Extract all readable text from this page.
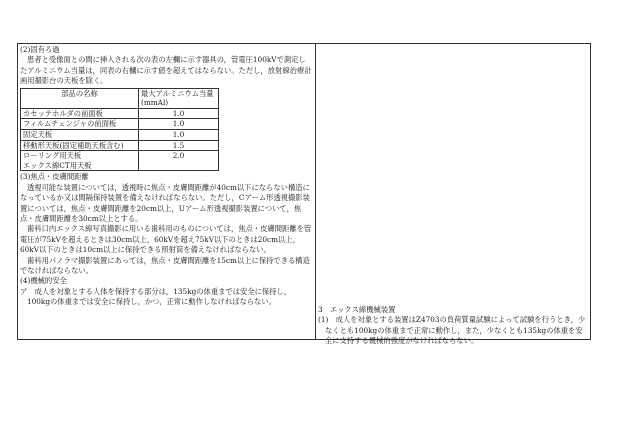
(2)固有ろ過

患者と受像面との間に挿入される次の表の左欄に示す器具の，管電圧100kVで測定したアルミニウム当量は，同表の右欄に示す値を超えてはならない。ただし，放射線治療計画用撮影台の天板を除く。

部品の名称	最大アルミニウム当量(mmAl)
カセッテホルダの前面板	1.0
フィルムチェンジャの前面板	1.0
固定天板	1.0
移動形天板(固定補助天板含む)	1.5
ローリング用天板
エックス線CT用天板	2.0

(3)焦点・皮膚間距離

透視可能な装置については，透視時に焦点・皮膚間距離が40cm以下にならない構造になっているか又は間隔保持装置を備えなければならない。ただし，Cアーム形透視撮影装置については，焦点・皮膚間距離を20cm以上，Uアーム形透視撮影装置について，焦点・皮膚間距離を30cm以上とする。

歯科口内エックス線写真撮影に用いる歯科用のものについては，焦点・皮膚間距離を管電圧が75kVを超えるときは30cm以上，60kVを超え75kV以下のときは20cm以上，60kV以下のときは10cm以上に保持できる照射筒を備えなければならない。

歯科用パノラマ撮影装置にあっては，焦点・皮膚間距離を15cm以上に保持できる構造でなければならない。

(4)機械的安全

ア　成人を対象とする人体を保持する部分は，135kgの体重までは安全に保持し，100kgの体重までは安全に保持し，かつ，正常に動作しなければならない。

3　エックス線機械装置

(1)　成人を対象とする装置はZ4703の負荷質量試験によって試験を行うとき，少なくとも100kgの体重まで正常に動作し，また，少なくとも135kgの体重を安全に支持する機械的強度がなければならない。
